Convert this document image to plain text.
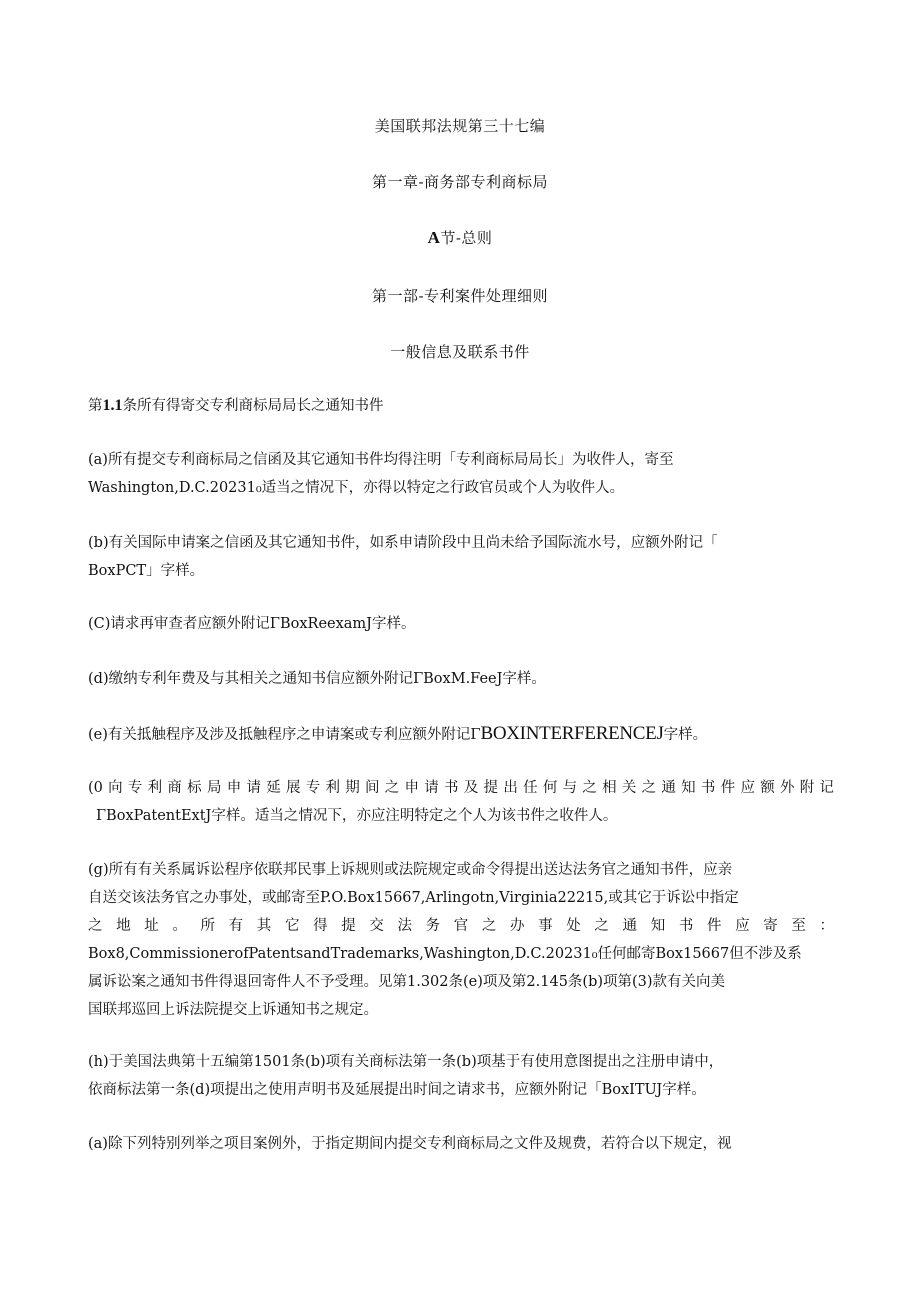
美国联邦法规第三十七编
第一章-商务部专利商标局
A节-总则
第一部-专利案件处理细则
一般信息及联系书件
第1.1条所有得寄交专利商标局局长之通知书件
(a)所有提交专利商标局之信函及其它通知书件均得注明「专利商标局局长」为收件人，寄至
Washington,D.C.20231₀适当之情况下，亦得以特定之行政官员或个人为收件人。
(b)有关国际申请案之信函及其它通知书件，如系申请阶段中且尚未给予国际流水号，应额外附记「
BoxPCT」字样。
(C)请求再审查者应额外附记ΓBoxReexamJ字样。
(d)缴纳专利年费及与其相关之通知书信应额外附记ΓBoxM.FeeJ字样。
(e)有关抵触程序及涉及抵触程序之申请案或专利应额外附记ΓBOXINTERFERENCEJ字样。
(0向专利商标局申请延展专利期间之申请书及提出任何与之相关之通知书件应额外附记
ΓBoxPatentExtJ字样。适当之情况下，亦应注明特定之个人为该书件之收件人。
(g)所有有关系属诉讼程序依联邦民事上诉规则或法院规定或命令得提出送达法务官之通知书件，应亲
自送交该法务官之办事处，或邮寄至P.O.Box15667,Arlingotn,Virginia22215,或其它于诉讼中指定
之地址。所有其它得提交法务官之办事处之通知书件应寄至：
Box8,CommissionerofPatentsandTrademarks,Washington,D.C.20231₀任何邮寄Box15667但不涉及系
属诉讼案之通知书件得退回寄件人不予受理。见第1.302条(e)项及第2.145条(b)项第(3)款有关向美
国联邦巡回上诉法院提交上诉通知书之规定。
(h)于美国法典第十五编第1501条(b)项有关商标法第一条(b)项基于有使用意图提出之注册申请中，
依商标法第一条(d)项提出之使用声明书及延展提出时间之请求书，应额外附记「BoxITUJ字样。
(a)除下列特别列举之项目案例外，于指定期间内提交专利商标局之文件及规费，若符合以下规定，视
